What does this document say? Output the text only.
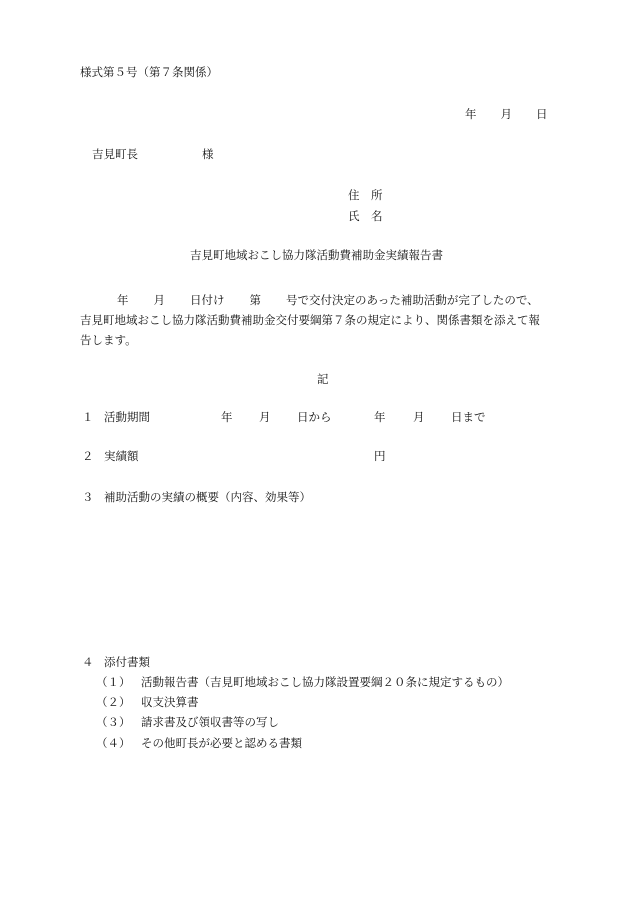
様式第５号（第７条関係）
年 月 日
吉見町長	様
住　所
氏　名
吉見町地域おこし協力隊活動費補助金実績報告書
年 月 日付け 第 号で交付決定のあった補助活動が完了したので、
吉見町地域おこし協力隊活動費補助金交付要綱第７条の規定により、関係書類を添えて報
告します。
記
１ 活動期間	年 月 日から	年 月 日まで
２ 実績額	円
３ 補助活動の実績の概要（内容、効果等）
４ 添付書類
（１） 活動報告書（吉見町地域おこし協力隊設置要綱２０条に規定するもの）
（２） 収支決算書
（３） 請求書及び領収書等の写し
（４） その他町長が必要と認める書類
